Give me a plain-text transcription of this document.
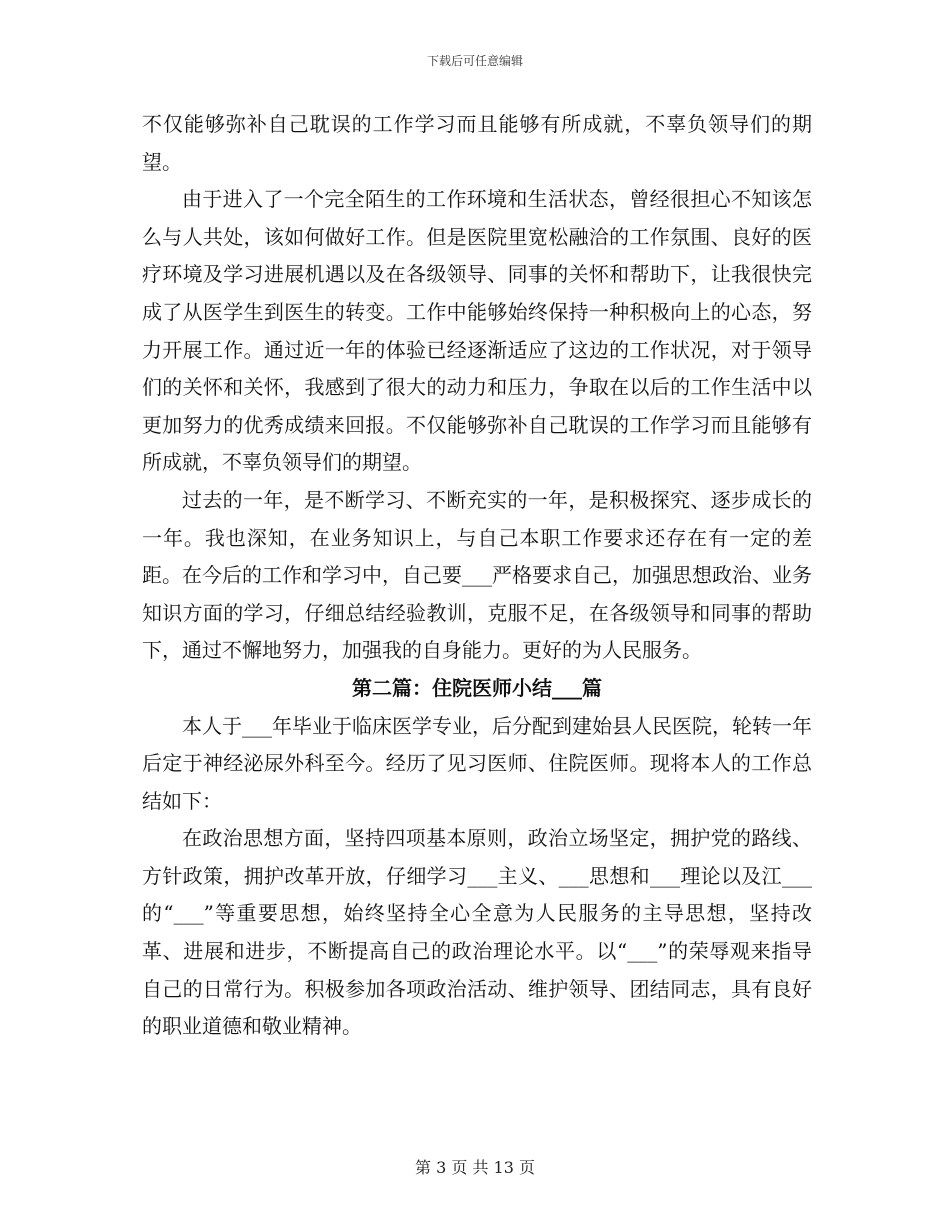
下载后可任意编辑

不仅能够弥补自己耽误的工作学习而且能够有所成就，不辜负领导们的期望。

由于进入了一个完全陌生的工作环境和生活状态，曾经很担心不知该怎么与人共处，该如何做好工作。但是医院里宽松融洽的工作氛围、良好的医疗环境及学习进展机遇以及在各级领导、同事的关怀和帮助下，让我很快完成了从医学生到医生的转变。工作中能够始终保持一种积极向上的心态，努力开展工作。通过近一年的体验已经逐渐适应了这边的工作状况，对于领导们的关怀和关怀，我感到了很大的动力和压力，争取在以后的工作生活中以更加努力的优秀成绩来回报。不仅能够弥补自己耽误的工作学习而且能够有所成就，不辜负领导们的期望。

过去的一年，是不断学习、不断充实的一年，是积极探究、逐步成长的一年。我也深知，在业务知识上，与自己本职工作要求还存在有一定的差距。在今后的工作和学习中，自己要___严格要求自己，加强思想政治、业务知识方面的学习，仔细总结经验教训，克服不足，在各级领导和同事的帮助下，通过不懈地努力，加强我的自身能力。更好的为人民服务。

第二篇：住院医师小结___篇

本人于___年毕业于临床医学专业，后分配到建始县人民医院，轮转一年后定于神经泌尿外科至今。经历了见习医师、住院医师。现将本人的工作总结如下：

在政治思想方面，坚持四项基本原则，政治立场坚定，拥护党的路线、方针政策，拥护改革开放，仔细学习___主义、___思想和___理论以及江___的“___”等重要思想，始终坚持全心全意为人民服务的主导思想，坚持改革、进展和进步，不断提高自己的政治理论水平。以“___”的荣辱观来指导自己的日常行为。积极参加各项政治活动、维护领导、团结同志，具有良好的职业道德和敬业精神。

第 3 页 共 13 页
